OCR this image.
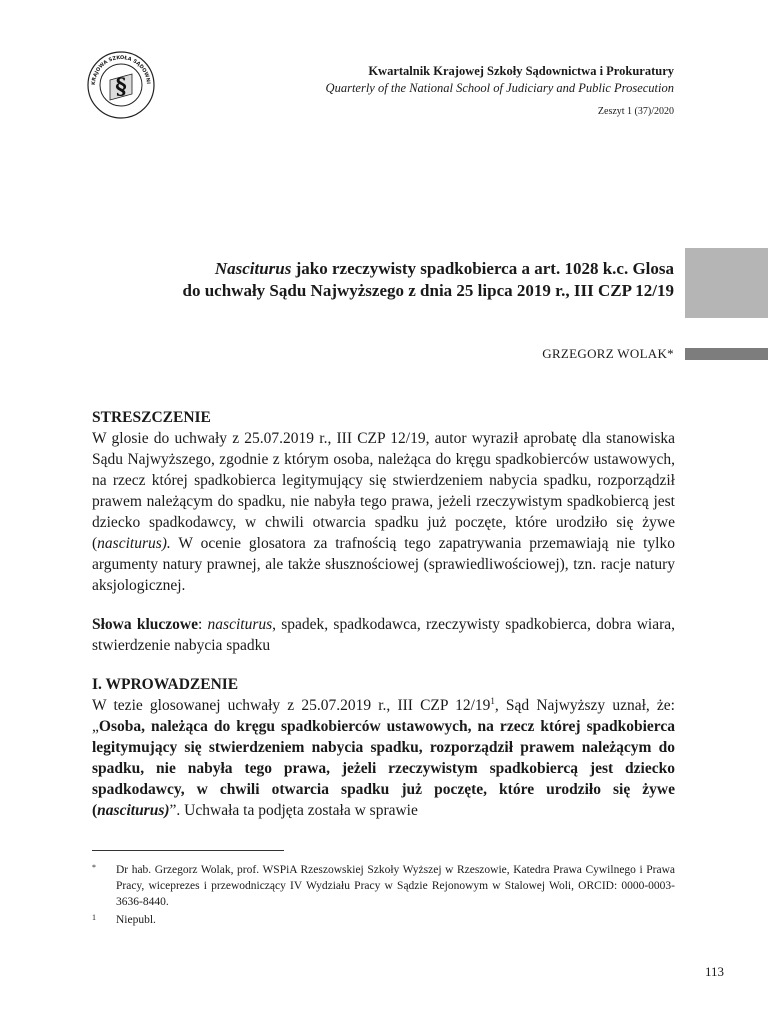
KRAJOWA SZKOŁA SĄDOWNI
§
Kwartalnik Krajowej Szkoły Sądownictwa i Prokuratury
Quarterly of the National School of Judiciary and Public Prosecution
Zeszyt 1 (37)/2020
Nasciturus jako rzeczywisty spadkobierca a art. 1028 k.c. Glosa
do uchwały Sądu Najwyższego z dnia 25 lipca 2019 r., III CZP 12/19
GRZEGORZ WOLAK*
STRESZCZENIE

W glosie do uchwały z 25.07.2019 r., III CZP 12/19, autor wyraził aprobatę dla stanowiska Sądu Najwyższego, zgodnie z którym osoba, należąca do kręgu spadkobierców ustawowych, na rzecz której spadkobierca legitymujący się stwierdzeniem nabycia spadku, rozporządził prawem należącym do spadku, nie nabyła tego prawa, jeżeli rzeczywistym spadkobiercą jest dziecko spadkodawcy, w chwili otwarcia spadku już poczęte, które urodziło się żywe (nasciturus). W ocenie glosatora za trafnością tego zapatrywania przemawiają nie tylko argumenty natury prawnej, ale także słusznościowej (sprawiedliwościowej), tzn. racje natury aksjologicznej.

Słowa kluczowe: nasciturus, spadek, spadkodawca, rzeczywisty spadkobierca, dobra wiara, stwierdzenie nabycia spadku

I. WPROWADZENIE

W tezie glosowanej uchwały z 25.07.2019 r., III CZP $12/19^1$, Sąd Najwyższy uznał, że: „Osoba, należąca do kręgu spadkobierców ustawowych, na rzecz której spadkobierca legitymujący się stwierdzeniem nabycia spadku, rozporządził prawem należącym do spadku, nie nabyła tego prawa, jeżeli rzeczywistym spadkobiercą jest dziecko spadkodawcy, w chwili otwarcia spadku już poczęte, które urodziło się żywe (nasciturus)”. Uchwała ta podjęta została w sprawie

* Dr hab. Grzegorz Wolak, prof. WSPiA Rzeszowskiej Szkoły Wyższej w Rzeszowie, Katedra Prawa Cywilnego i Prawa Pracy, wiceprezes i przewodniczący IV Wydziału Pracy w Sądzie Rejonowym w Stalowej Woli, ORCID: 0000-0003-3636-8440.
1 Niepubl.
113
